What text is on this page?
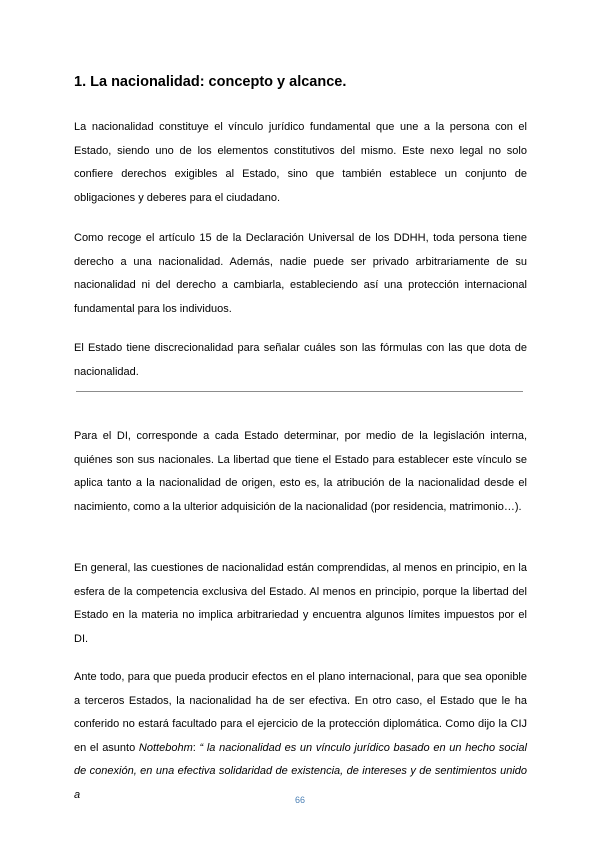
1. La nacionalidad: concepto y alcance.

La nacionalidad constituye el vínculo jurídico fundamental que une a la persona con el Estado, siendo uno de los elementos constitutivos del mismo. Este nexo legal no solo confiere derechos exigibles al Estado, sino que también establece un conjunto de obligaciones y deberes para el ciudadano.

Como recoge el artículo 15 de la Declaración Universal de los DDHH, toda persona tiene derecho a una nacionalidad. Además, nadie puede ser privado arbitrariamente de su nacionalidad ni del derecho a cambiarla, estableciendo así una protección internacional fundamental para los individuos.

El Estado tiene discrecionalidad para señalar cuáles son las fórmulas con las que dota de nacionalidad.

Para el DI, corresponde a cada Estado determinar, por medio de la legislación interna, quiénes son sus nacionales. La libertad que tiene el Estado para establecer este vínculo se aplica tanto a la nacionalidad de origen, esto es, la atribución de la nacionalidad desde el nacimiento, como a la ulterior adquisición de la nacionalidad (por residencia, matrimonio…).

En general, las cuestiones de nacionalidad están comprendidas, al menos en principio, en la esfera de la competencia exclusiva del Estado. Al menos en principio, porque la libertad del Estado en la materia no implica arbitrariedad y encuentra algunos límites impuestos por el DI.

Ante todo, para que pueda producir efectos en el plano internacional, para que sea oponible a terceros Estados, la nacionalidad ha de ser efectiva. En otro caso, el Estado que le ha conferido no estará facultado para el ejercicio de la protección diplomática. Como dijo la CIJ en el asunto Nottebohm: “ la nacionalidad es un vínculo jurídico basado en un hecho social de conexión, en una efectiva solidaridad de existencia, de intereses y de sentimientos unido a	66
